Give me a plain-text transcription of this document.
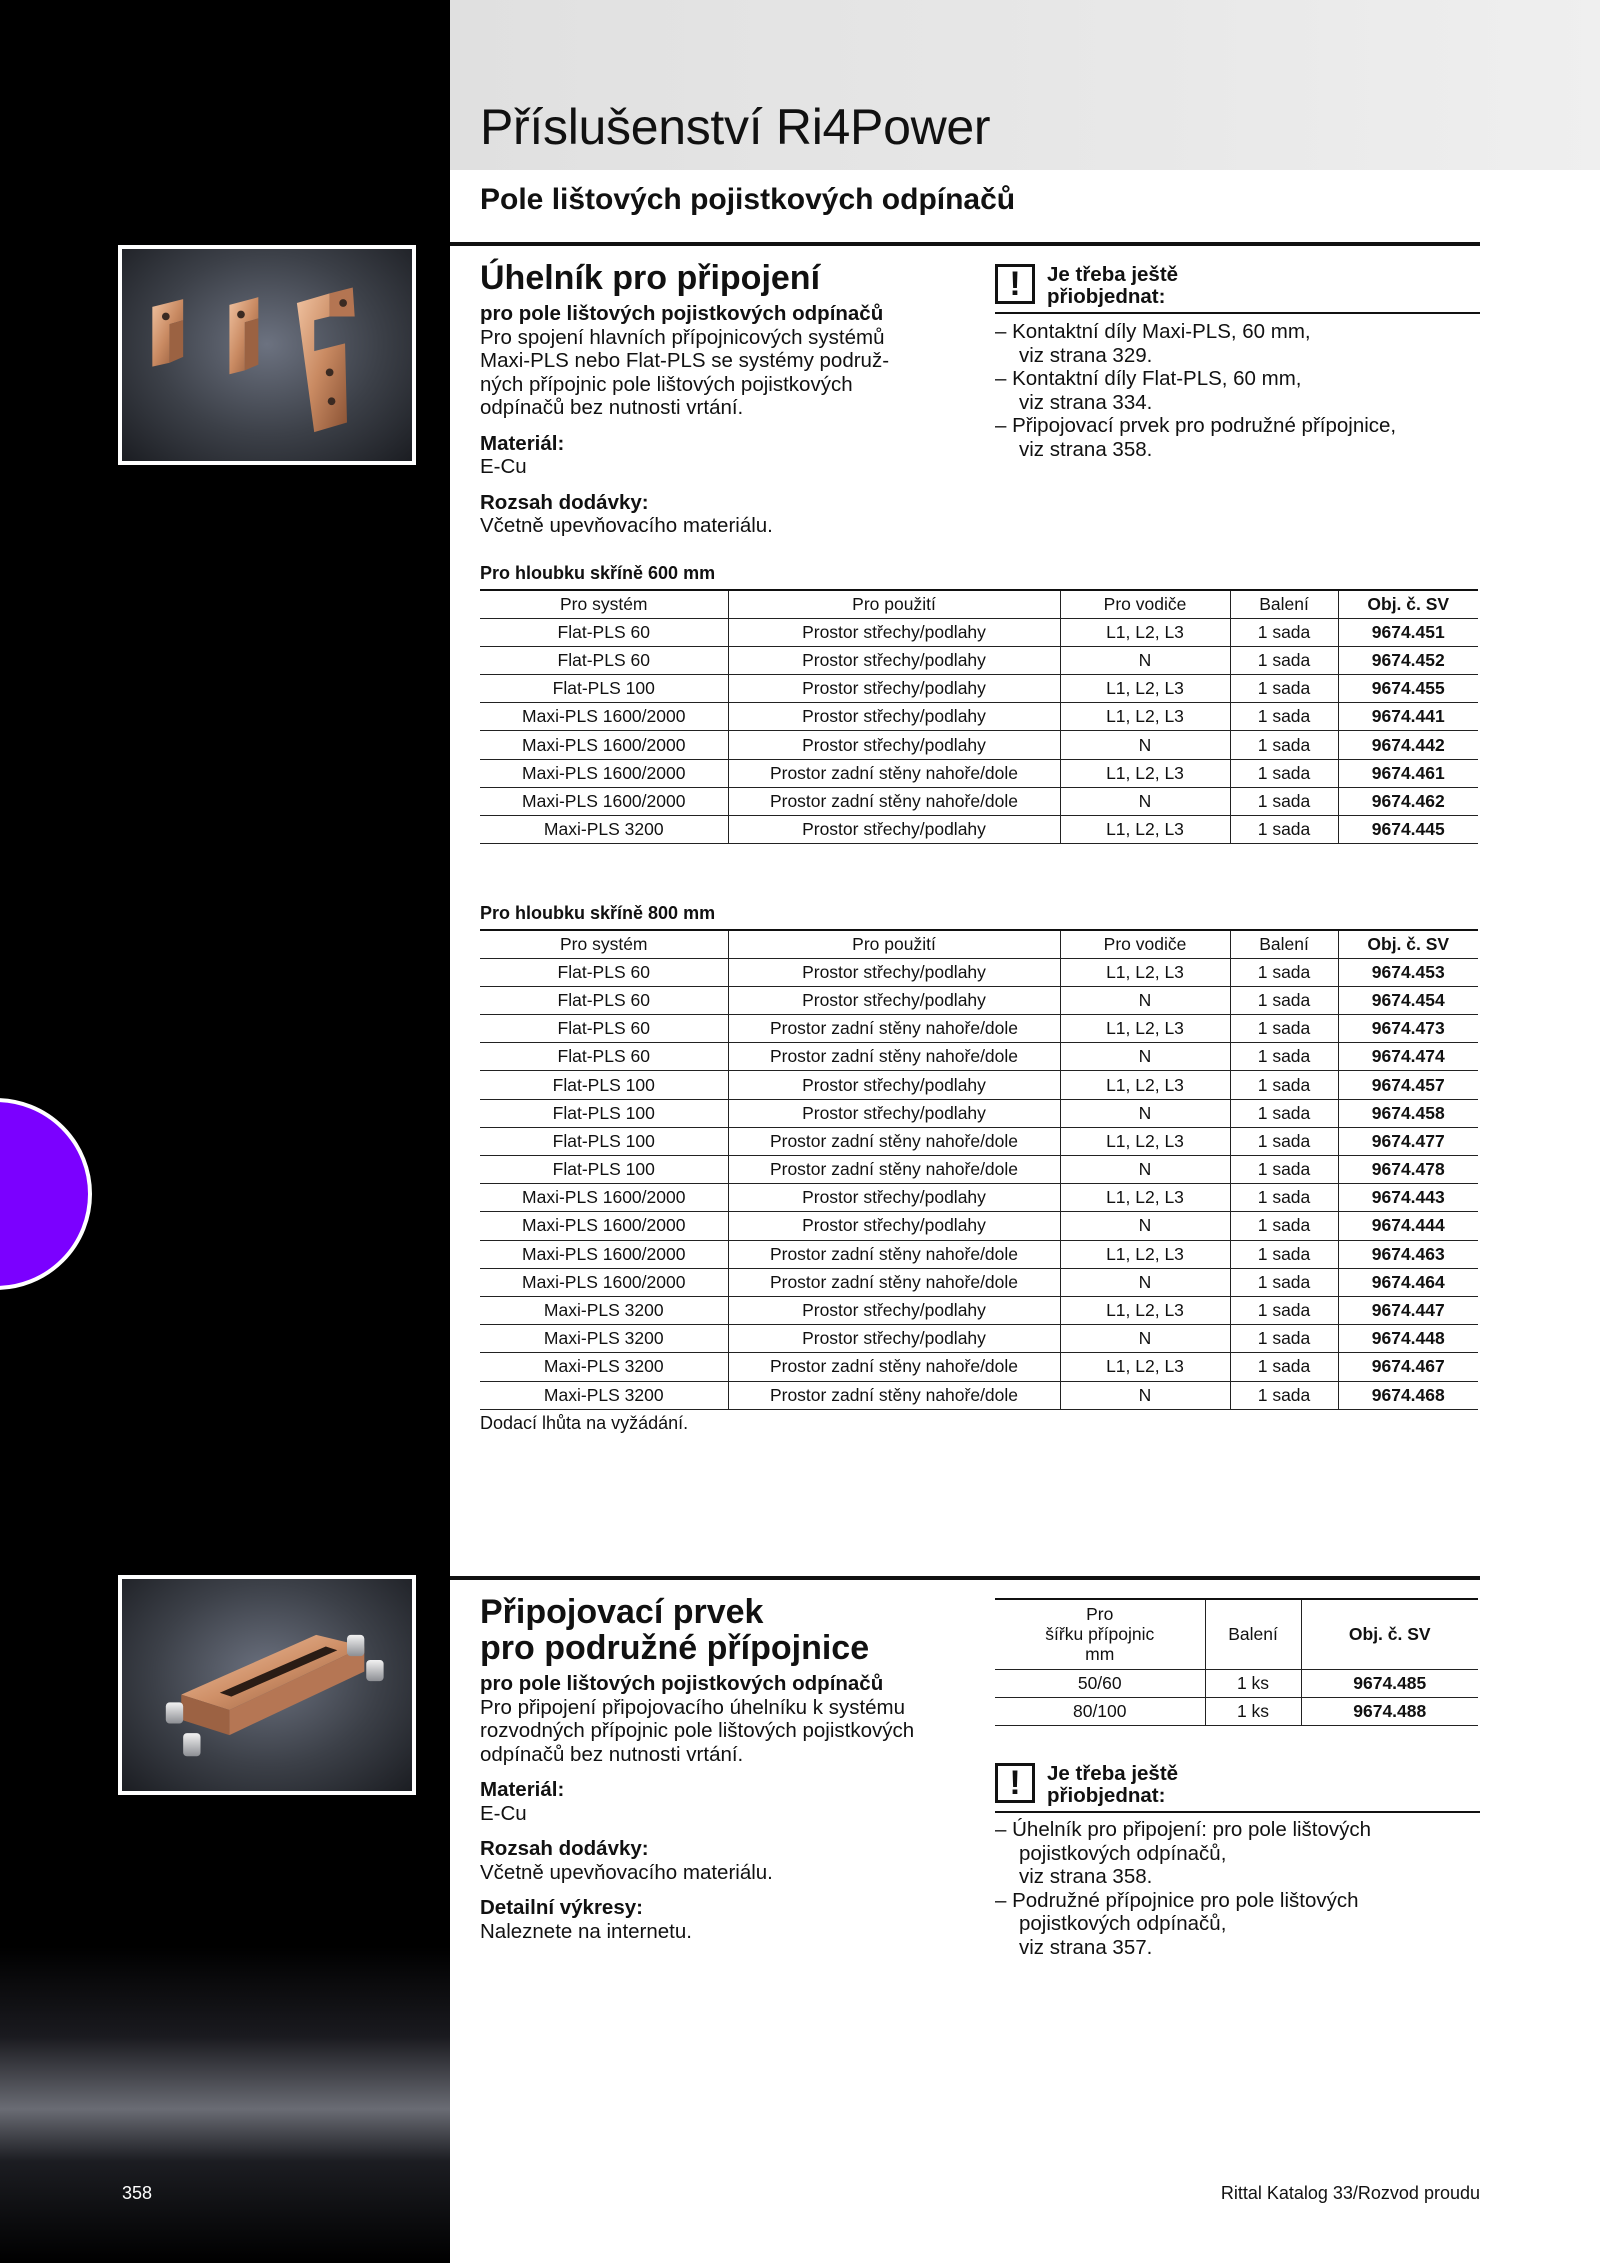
Příslušenství Ri4Power
Pole lištových pojistkových odpínačů
Úhelník pro připojení
pro pole lištových pojistkových odpínačů
Pro spojení hlavních přípojnicových systémů
Maxi-PLS nebo Flat-PLS se systémy podruž-
ných přípojnic pole lištových pojistkových
odpínačů bez nutnosti vrtání.
Materiál:
E-Cu
Rozsah dodávky:
Včetně upevňovacího materiálu.
!	Je třeba ještě
přiobjednat:
– Kontaktní díly Maxi-PLS, 60 mm,
viz strana 329.
– Kontaktní díly Flat-PLS, 60 mm,
viz strana 334.
– Připojovací prvek pro podružné přípojnice,
viz strana 358.
Pro hloubku skříně 600 mm
Pro systém	Pro použití	Pro vodiče	Balení	Obj. č. SV
Flat-PLS 60	Prostor střechy/podlahy	L1, L2, L3	1 sada	9674.451
Flat-PLS 60	Prostor střechy/podlahy	N	1 sada	9674.452
Flat-PLS 100	Prostor střechy/podlahy	L1, L2, L3	1 sada	9674.455
Maxi-PLS 1600/2000	Prostor střechy/podlahy	L1, L2, L3	1 sada	9674.441
Maxi-PLS 1600/2000	Prostor střechy/podlahy	N	1 sada	9674.442
Maxi-PLS 1600/2000	Prostor zadní stěny nahoře/dole	L1, L2, L3	1 sada	9674.461
Maxi-PLS 1600/2000	Prostor zadní stěny nahoře/dole	N	1 sada	9674.462
Maxi-PLS 3200	Prostor střechy/podlahy	L1, L2, L3	1 sada	9674.445
Pro hloubku skříně 800 mm
Pro systém	Pro použití	Pro vodiče	Balení	Obj. č. SV
Flat-PLS 60	Prostor střechy/podlahy	L1, L2, L3	1 sada	9674.453
Flat-PLS 60	Prostor střechy/podlahy	N	1 sada	9674.454
Flat-PLS 60	Prostor zadní stěny nahoře/dole	L1, L2, L3	1 sada	9674.473
Flat-PLS 60	Prostor zadní stěny nahoře/dole	N	1 sada	9674.474
Flat-PLS 100	Prostor střechy/podlahy	L1, L2, L3	1 sada	9674.457
Flat-PLS 100	Prostor střechy/podlahy	N	1 sada	9674.458
Flat-PLS 100	Prostor zadní stěny nahoře/dole	L1, L2, L3	1 sada	9674.477
Flat-PLS 100	Prostor zadní stěny nahoře/dole	N	1 sada	9674.478
Maxi-PLS 1600/2000	Prostor střechy/podlahy	L1, L2, L3	1 sada	9674.443
Maxi-PLS 1600/2000	Prostor střechy/podlahy	N	1 sada	9674.444
Maxi-PLS 1600/2000	Prostor zadní stěny nahoře/dole	L1, L2, L3	1 sada	9674.463
Maxi-PLS 1600/2000	Prostor zadní stěny nahoře/dole	N	1 sada	9674.464
Maxi-PLS 3200	Prostor střechy/podlahy	L1, L2, L3	1 sada	9674.447
Maxi-PLS 3200	Prostor střechy/podlahy	N	1 sada	9674.448
Maxi-PLS 3200	Prostor zadní stěny nahoře/dole	L1, L2, L3	1 sada	9674.467
Maxi-PLS 3200	Prostor zadní stěny nahoře/dole	N	1 sada	9674.468
Dodací lhůta na vyžádání.
Připojovací prvek
pro podružné přípojnice
pro pole lištových pojistkových odpínačů
Pro připojení připojovacího úhelníku k systému
rozvodných přípojnic pole lištových pojistkových
odpínačů bez nutnosti vrtání.
Materiál:
E-Cu
Rozsah dodávky:
Včetně upevňovacího materiálu.
Detailní výkresy:
Naleznete na internetu.
Pro
šířku přípojnic
mm	Balení	Obj. č. SV
50/60	1 ks	9674.485
80/100	1 ks	9674.488
!	Je třeba ještě
přiobjednat:
– Úhelník pro připojení: pro pole lištových
pojistkových odpínačů,
viz strana 358.
– Podružné přípojnice pro pole lištových
pojistkových odpínačů,
viz strana 357.
358	Rittal Katalog 33/Rozvod proudu
